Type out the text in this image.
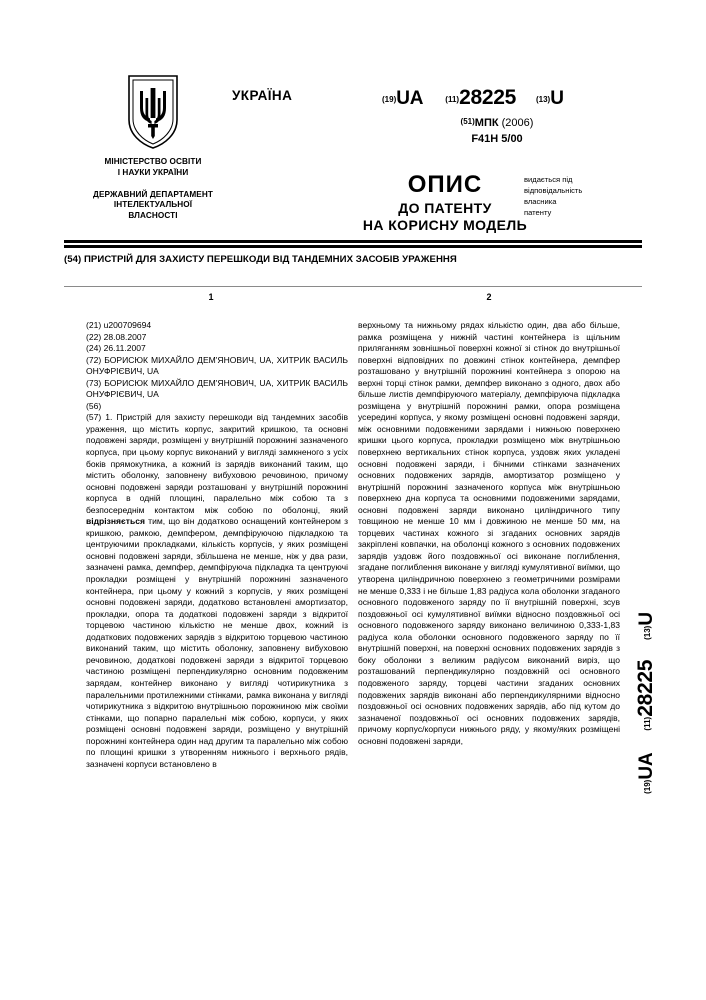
МІНІСТЕРСТВО ОСВІТИ
І НАУКИ УКРАЇНИ
ДЕРЖАВНИЙ ДЕПАРТАМЕНТ
ІНТЕЛЕКТУАЛЬНОЇ
ВЛАСНОСТІ
УКРАЇНА	(19)UA	(11)28225	(13)U
(51)МПК (2006)
F41H 5/00
ОПИС
ДО ПАТЕНТУ
НА КОРИСНУ МОДЕЛЬ
видається під
відповідальність
власника
патенту
(54) ПРИСТРІЙ ДЛЯ ЗАХИСТУ ПЕРЕШКОДИ ВІД ТАНДЕМНИХ ЗАСОБІВ УРАЖЕННЯ
1	2
(21) u200709694
(22) 28.08.2007
(24) 26.11.2007
(72) БОРИСЮК МИХАЙЛО ДЕМ'ЯНОВИЧ, UA, ХИТРИК ВАСИЛЬ ОНУФРІЄВИЧ, UA
(73) БОРИСЮК МИХАЙЛО ДЕМ'ЯНОВИЧ, UA, ХИТРИК ВАСИЛЬ ОНУФРІЄВИЧ, UA
(56)
(57) 1. Пристрій для захисту перешкоди від тандемних засобів ураження, що містить корпус, закритий кришкою, та основні подовжені заряди, розміщені у внутрішній порожнині зазначеного корпуса, при цьому корпус виконаний у вигляді замкненого з усіх боків прямокутника, а кожний із зарядів виконаний таким, що містить оболонку, заповнену вибуховою речовиною, причому основні подовжені заряди розташовані у внутрішній порожнині корпуса в одній площині, паралельно між собою та з безпосереднім контактом між собою по оболонці, який відрізняється тим, що він додатково оснащений контейнером з кришкою, рамкою, демпфером, демпфіруючою підкладкою та центруючими прокладками, кількість корпусів, у яких розміщені основні подовжені заряди, збільшена не менше, ніж у два рази, зазначені рамка, демпфер, демпфіруюча підкладка та центруючі прокладки розміщені у внутрішній порожнині зазначеного контейнера, при цьому у кожний з корпусів, у яких розміщені основні подовжені заряди, додатково встановлені амортизатор, прокладки, опора та додаткові подовжені заряди з відкритої торцевою частиною кількістю не менше двох, кожний із додаткових подовжених зарядів з відкритою торцевою частиною виконаний таким, що містить оболонку, заповнену вибуховою речовиною, додаткові подовжені заряди з відкритої торцевою частиною розміщені перпендикулярно основним подовженим зарядам, контейнер виконано у вигляді чотирикутника з паралельними протилежними стінками, рамка виконана у вигляді чотирикутника з відкритою внутрішньою порожниною між своїми стінками, що попарно паралельні між собою, корпуси, у яких розміщені основні подовжені заряди, розміщено у внутрішній порожнині контейнера один над другим та паралельно між собою по площині кришки з утворенням нижнього і верхнього рядів, зазначені корпуси встановлено в
верхньому та нижньому рядах кількістю один, два або більше, рамка розміщена у нижній частині контейнера із щільним приляганням зовнішньої поверхні кожної зі стінок до внутрішньої поверхні відповідних по довжині стінок контейнера, демпфер розташовано у внутрішній порожнині контейнера з опорою на верхні торці стінок рамки, демпфер виконано з одного, двох або більше листів демпфіруючого матеріалу, демпфіруюча підкладка розміщена у внутрішній порожнині рамки, опора розміщена усередині корпуса, у якому розміщені основні подовжені заряди, між основними подовженими зарядами і нижньою поверхнею кришки цього корпуса, прокладки розміщено між внутрішньою поверхнею вертикальних стінок корпуса, уздовж яких укладені основні подовжені заряди, і бічними стінками зазначених основних подовжених зарядів, амортизатор розміщено у внутрішній порожнині зазначеного корпуса між внутрішньою поверхнею дна корпуса та основними подовженими зарядами, основні подовжені заряди виконано циліндричного типу товщиною не менше 10 мм і довжиною не менше 50 мм, на торцевих частинах кожного зі згаданих основних зарядів закріплені ковпачки, на оболонці кожного з основних подовжених зарядів уздовж його поздовжньої осі виконане поглиблення, згадане поглиблення виконане у вигляді кумулятивної виїмки, що утворена циліндричною поверхнею з геометричними розмірами не менше 0,333 і не більше 1,83 радіуса кола оболонки згаданого основного подовженого заряду по її внутрішній поверхні, зсув поздовжньої осі кумулятивної виїмки відносно поздовжньої осі основного подовженого заряду виконано величиною 0,333-1,83 радіуса кола оболонки основного подовженого заряду по її внутрішній поверхні, на поверхні основних подовжених зарядів з боку оболонки з великим радіусом виконаний виріз, що розташований перпендикулярно поздовжній осі основного подовженого заряду, торцеві частини згаданих основних подовжених зарядів виконані або перпендикулярними відносно поздовжньої осі основних подовжених зарядів, або під кутом до зазначеної поздовжньої осі основних подовжених зарядів, причому корпус/корпуси нижнього ряду, у якому/яких розміщені основні подовжені заряди,
(19)UA(11)28225(13)U
